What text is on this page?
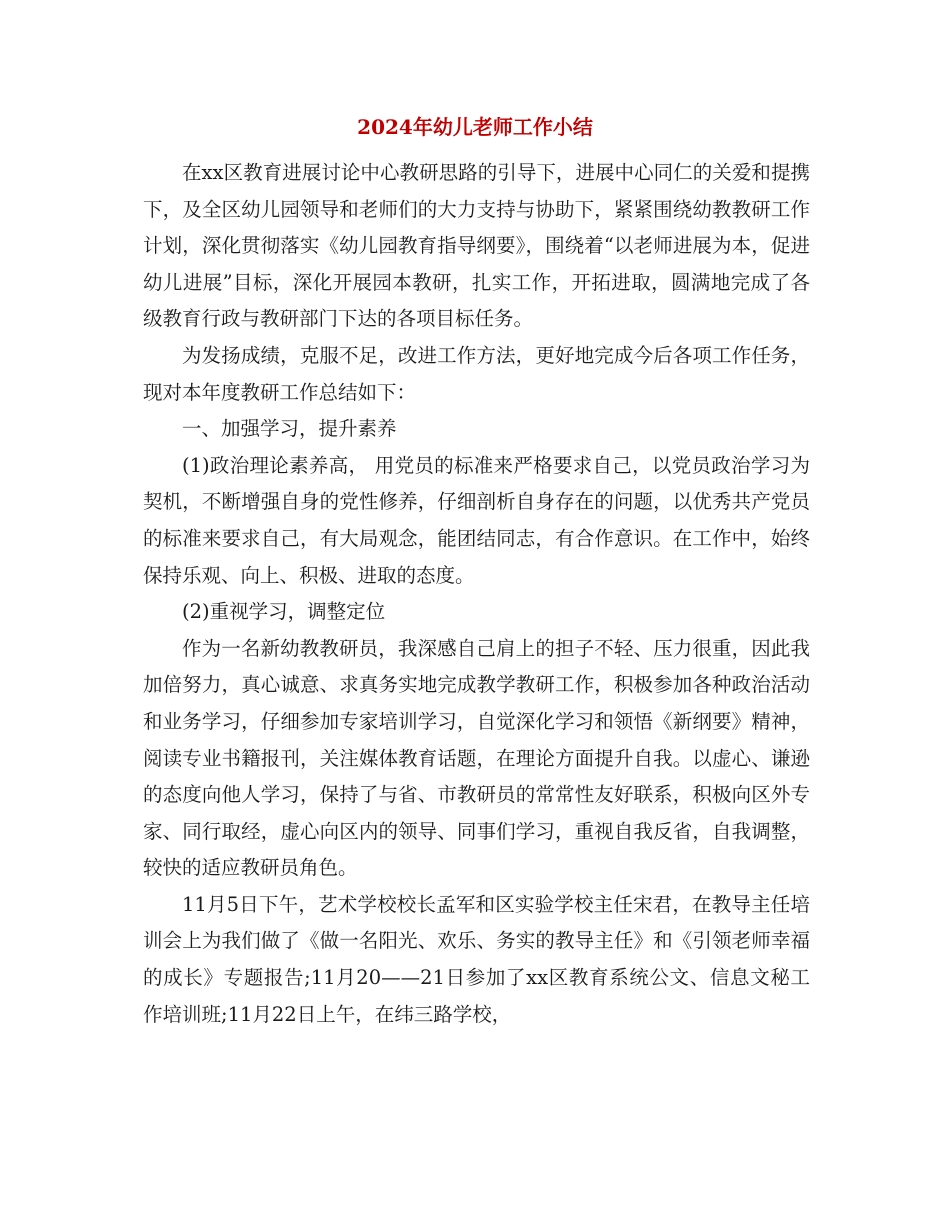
2024年幼儿老师工作小结

在xx区教育进展讨论中心教研思路的引导下，进展中心同仁的关爱和提携下，及全区幼儿园领导和老师们的大力支持与协助下，紧紧围绕幼教教研工作计划，深化贯彻落实《幼儿园教育指导纲要》，围绕着“以老师进展为本，促进幼儿进展”目标，深化开展园本教研，扎实工作，开拓进取，圆满地完成了各级教育行政与教研部门下达的各项目标任务。

为发扬成绩，克服不足，改进工作方法，更好地完成今后各项工作任务，现对本年度教研工作总结如下：

一、加强学习，提升素养

(1)政治理论素养高， 用党员的标准来严格要求自己，以党员政治学习为契机，不断增强自身的党性修养，仔细剖析自身存在的问题，以优秀共产党员的标准来要求自己，有大局观念，能团结同志，有合作意识。在工作中，始终保持乐观、向上、积极、进取的态度。

(2)重视学习，调整定位

作为一名新幼教教研员，我深感自己肩上的担子不轻、压力很重，因此我加倍努力，真心诚意、求真务实地完成教学教研工作，积极参加各种政治活动和业务学习，仔细参加专家培训学习，自觉深化学习和领悟《新纲要》精神，阅读专业书籍报刊，关注媒体教育话题，在理论方面提升自我。以虚心、谦逊的态度向他人学习，保持了与省、市教研员的常常性友好联系，积极向区外专家、同行取经，虚心向区内的领导、同事们学习，重视自我反省，自我调整，较快的适应教研员角色。

11月5日下午，艺术学校校长孟军和区实验学校主任宋君，在教导主任培训会上为我们做了《做一名阳光、欢乐、务实的教导主任》和《引领老师幸福的成长》专题报告;11月20——21日参加了xx区教育系统公文、信息文秘工作培训班;11月22日上午，在纬三路学校，
